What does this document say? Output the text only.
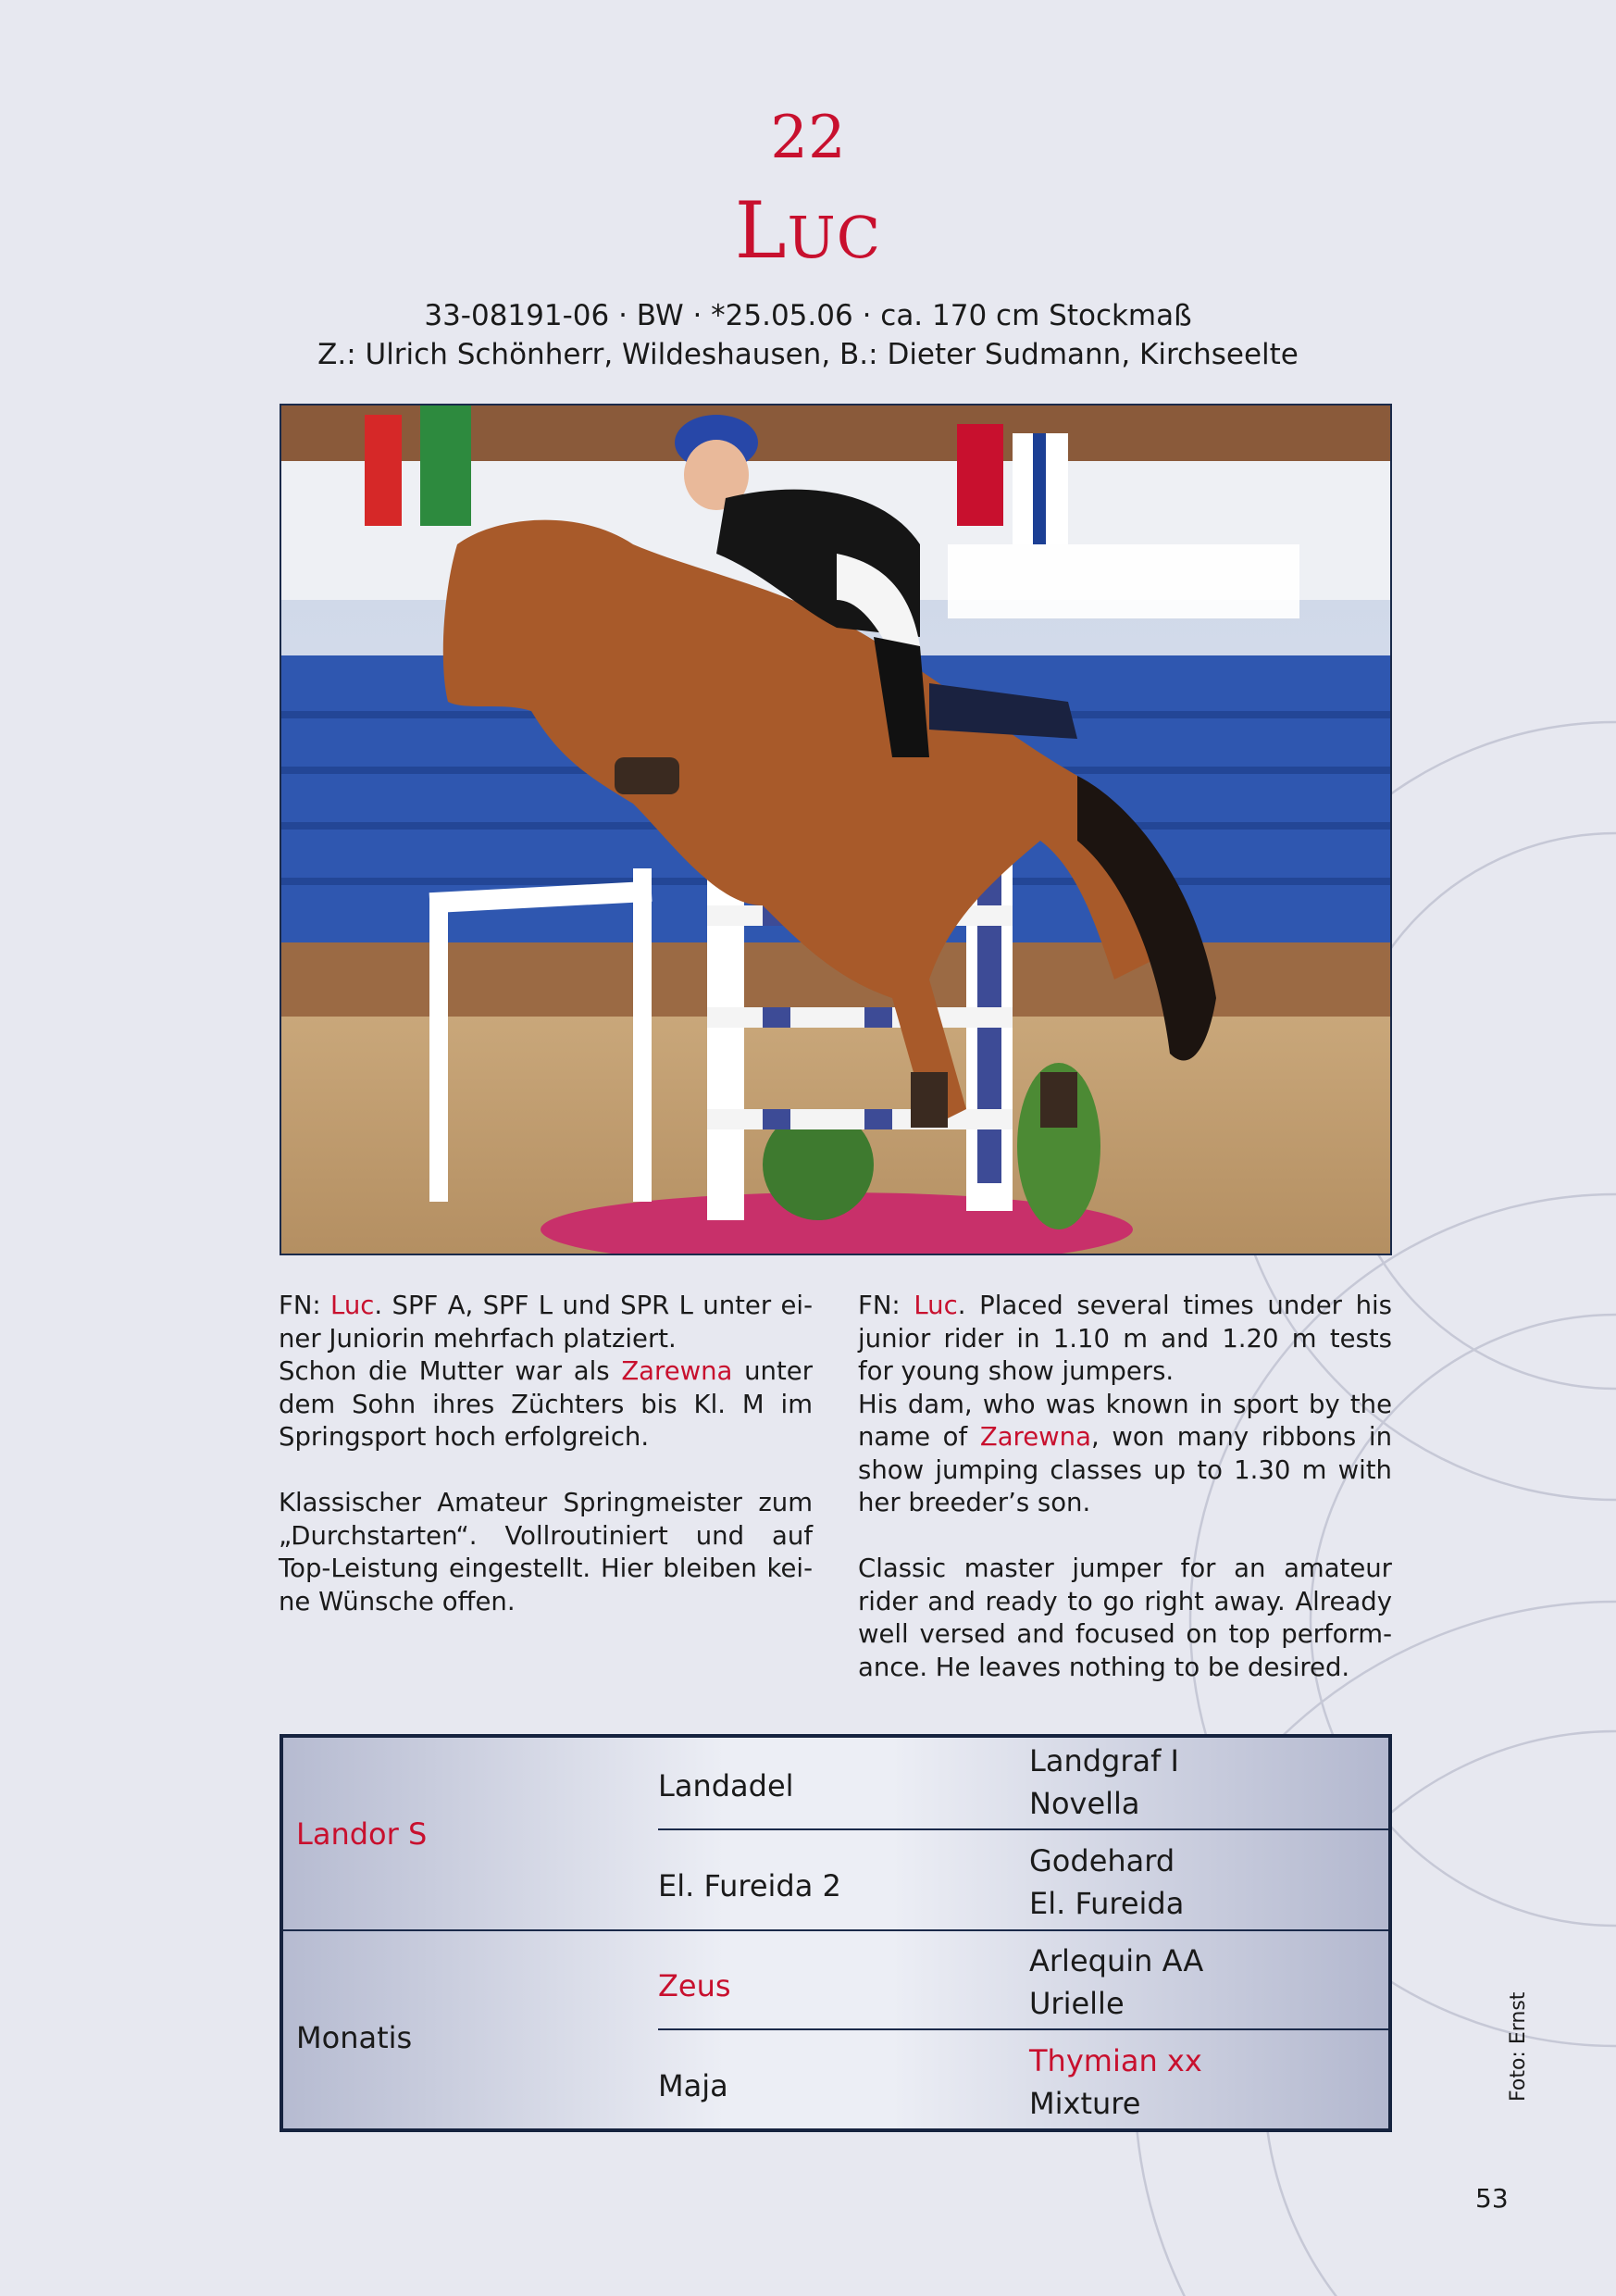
22
LUC
33-08191-06 · BW · *25.05.06 · ca. 170 cm Stockmaß
Z.: Ulrich Schönherr, Wildeshausen, B.: Dieter Sudmann, Kirchseelte

FN: Luc. SPF A, SPF L und SPR L unter einer Juniorin mehrfach platziert.

Schon die Mutter war als Zarewna unter dem Sohn ihres Züchters bis Kl. M im Springsport hoch erfolgreich.

Klassischer Amateur Springmeister zum „Durchstarten“. Vollroutiniert und auf Top-Leistung eingestellt. Hier bleiben keine Wünsche offen.

FN: Luc. Placed several times under his junior rider in 1.10 m and 1.20 m tests for young show jumpers.

His dam, who was known in sport by the name of Zarewna, won many ribbons in show jumping classes up to 1.30 m with her breeder’s son.

Classic master jumper for an amateur rider and ready to go right away. Already well versed and focused on top performance. He leaves nothing to be desired.

Landor S
Landadel
Landgraf I
Novella
El. Fureida 2
Godehard
El. Fureida
Monatis
Zeus
Arlequin AA
Urielle
Maja
Thymian xx
Mixture
Foto: Ernst
53
